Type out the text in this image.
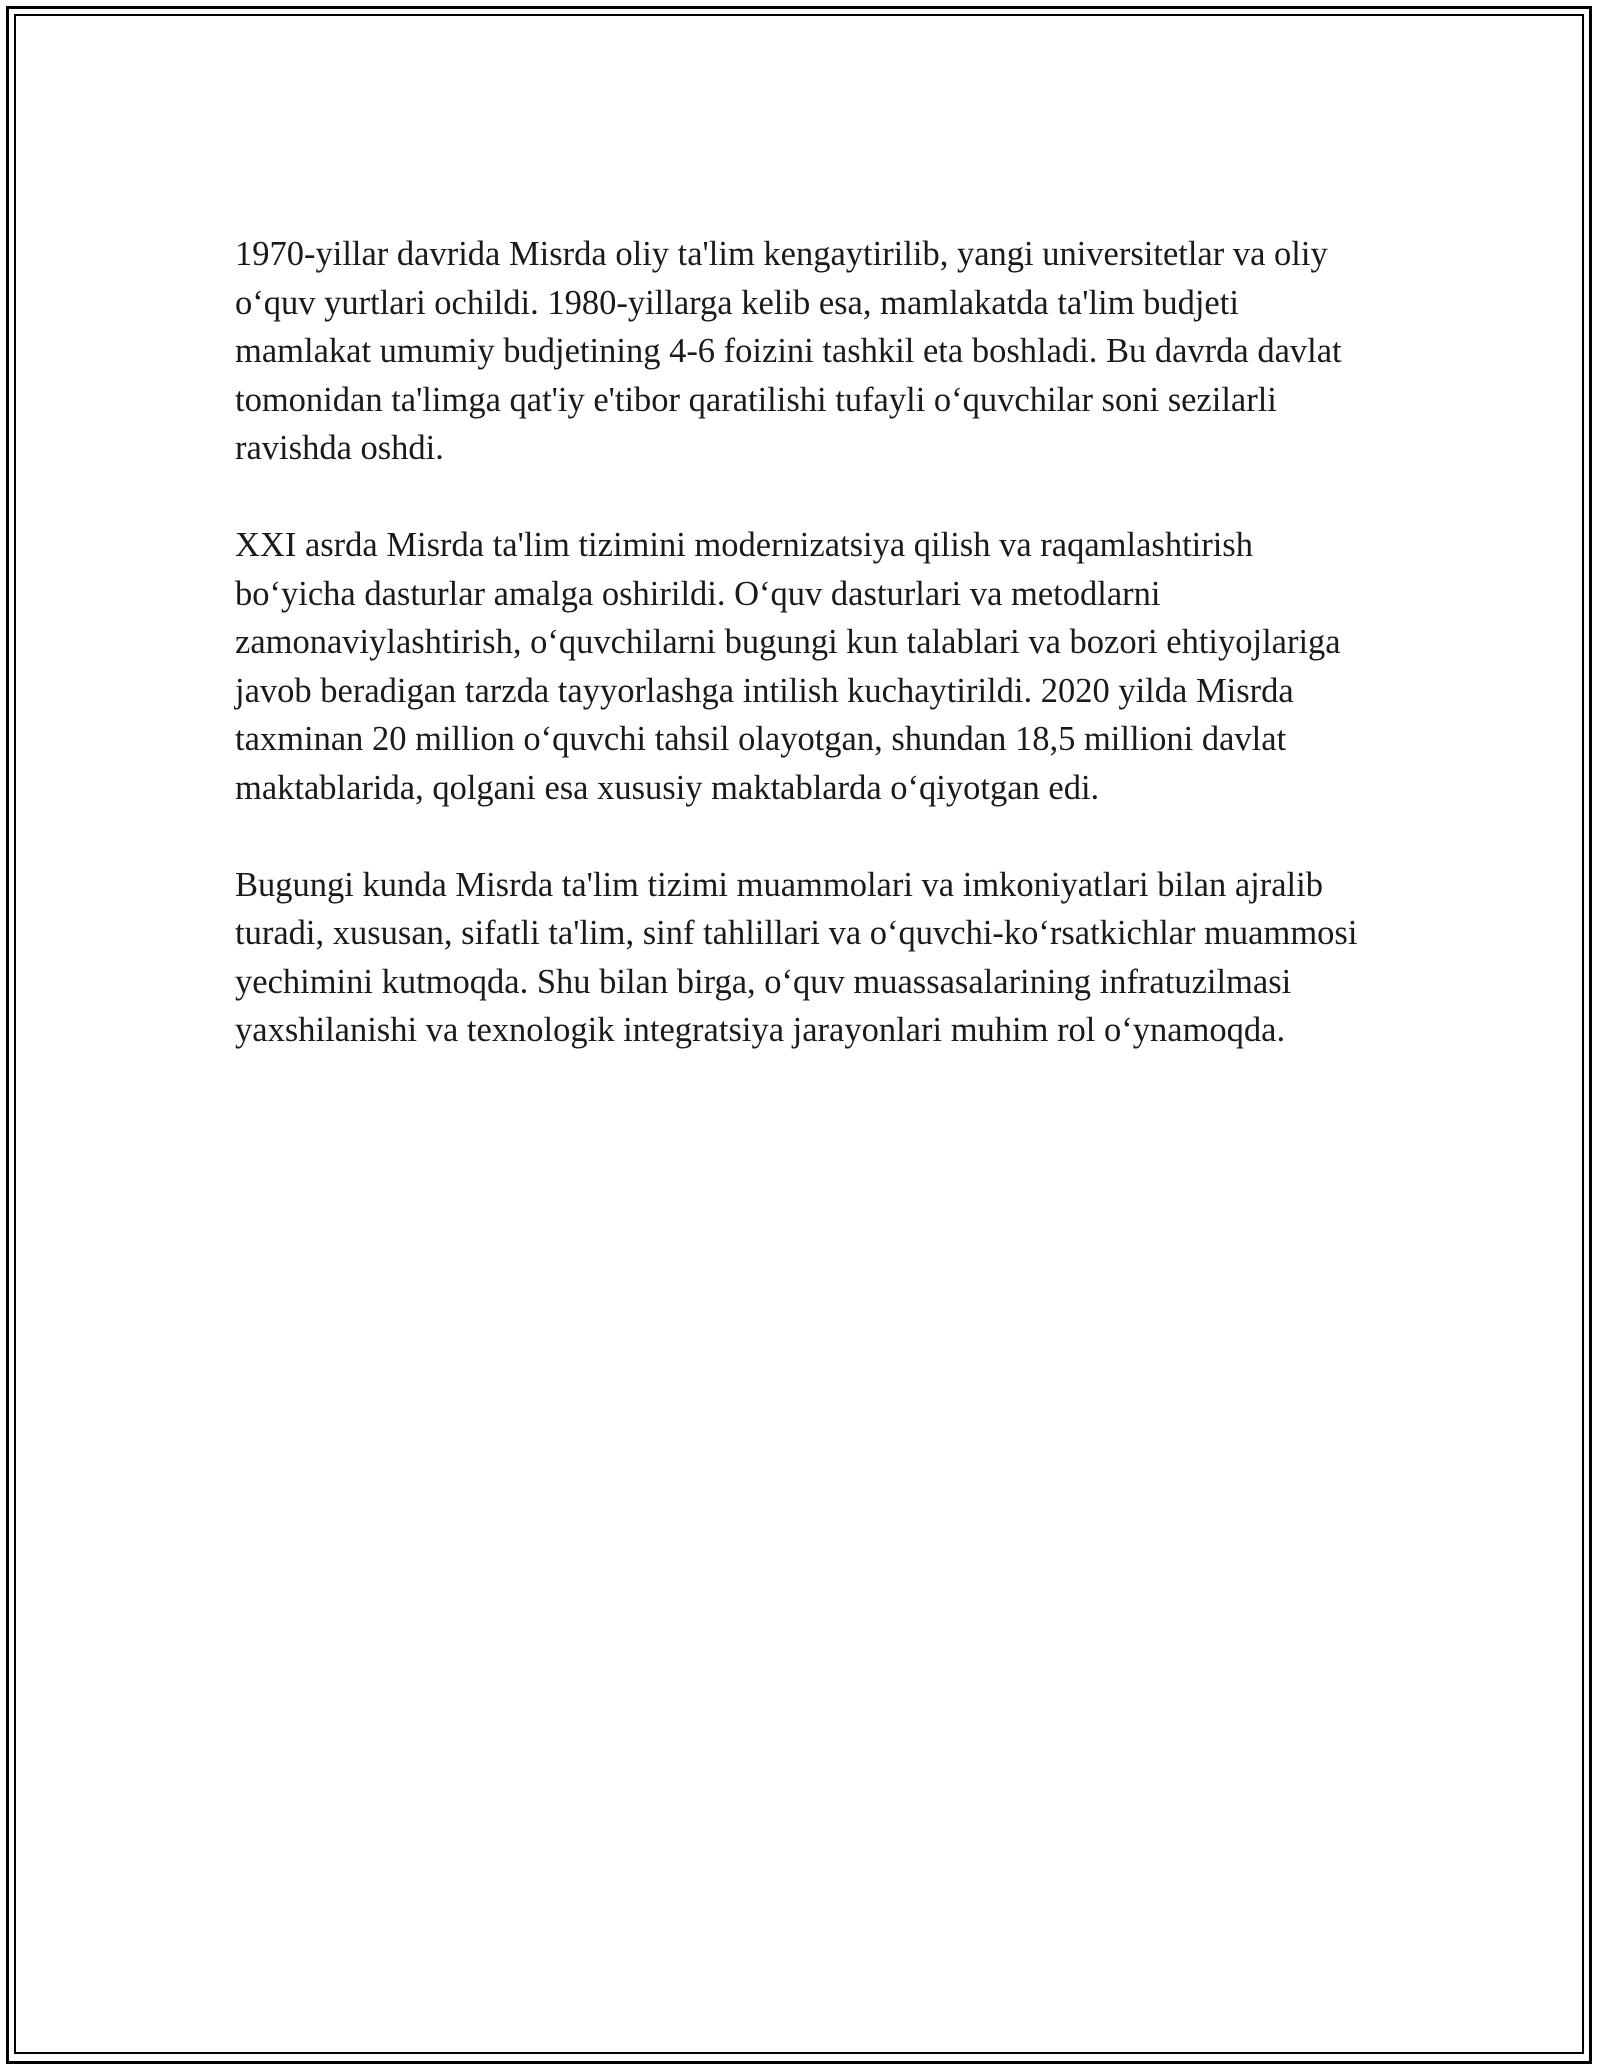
1970-yillar davrida Misrda oliy ta'lim kengaytirilib, yangi universitetlar va oliy o‘quv yurtlari ochildi. 1980-yillarga kelib esa, mamlakatda ta'lim budjeti mamlakat umumiy budjetining 4-6 foizini tashkil eta boshladi. Bu davrda davlat tomonidan ta'limga qat'iy e'tibor qaratilishi tufayli o‘quvchilar soni sezilarli ravishda oshdi.

XXI asrda Misrda ta'lim tizimini modernizatsiya qilish va raqamlashtirish bo‘yicha dasturlar amalga oshirildi. O‘quv dasturlari va metodlarni zamonaviylashtirish, o‘quvchilarni bugungi kun talablari va bozori ehtiyojlariga javob beradigan tarzda tayyorlashga intilish kuchaytirildi. 2020 yilda Misrda taxminan 20 million o‘quvchi tahsil olayotgan, shundan 18,5 millioni davlat maktablarida, qolgani esa xususiy maktablarda o‘qiyotgan edi.

Bugungi kunda Misrda ta'lim tizimi muammolari va imkoniyatlari bilan ajralib turadi, xususan, sifatli ta'lim, sinf tahlillari va o‘quvchi-ko‘rsatkichlar muammosi yechimini kutmoqda. Shu bilan birga, o‘quv muassasalarining infratuzilmasi yaxshilanishi va texnologik integratsiya jarayonlari muhim rol o‘ynamoqda.
